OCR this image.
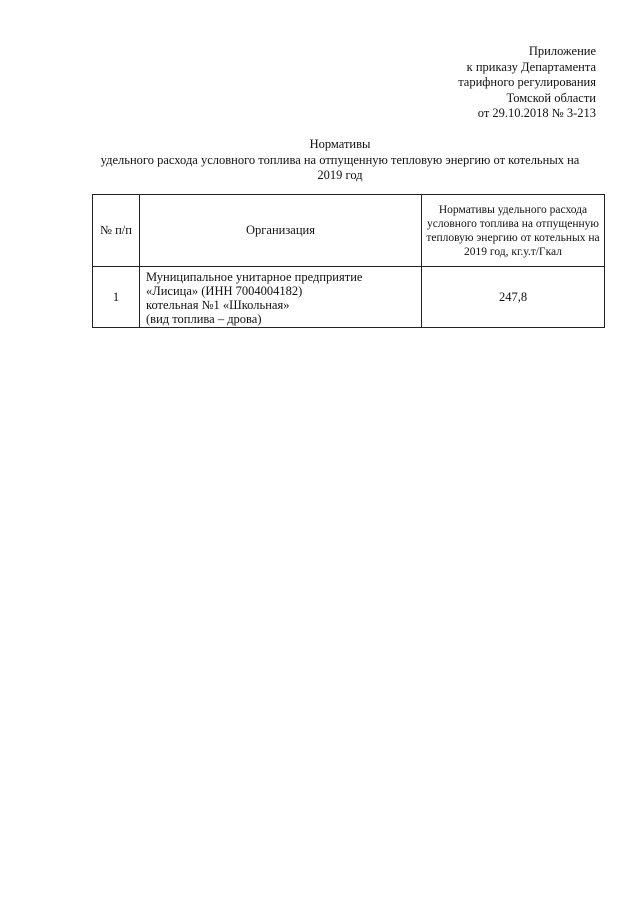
Приложение
к приказу Департамента
тарифного регулирования
Томской области
от 29.10.2018 № 3-213
Нормативы
удельного расхода условного топлива на отпущенную тепловую энергию от котельных на
2019 год
№ п/п	Организация	Нормативы удельного расхода условного топлива на отпущенную тепловую энергию от котельных на 2019 год, кг.у.т/Гкал
1	Муниципальное унитарное предприятие
«Лисица» (ИНН 7004004182)
котельная №1 «Школьная»
(вид топлива – дрова)	247,8
